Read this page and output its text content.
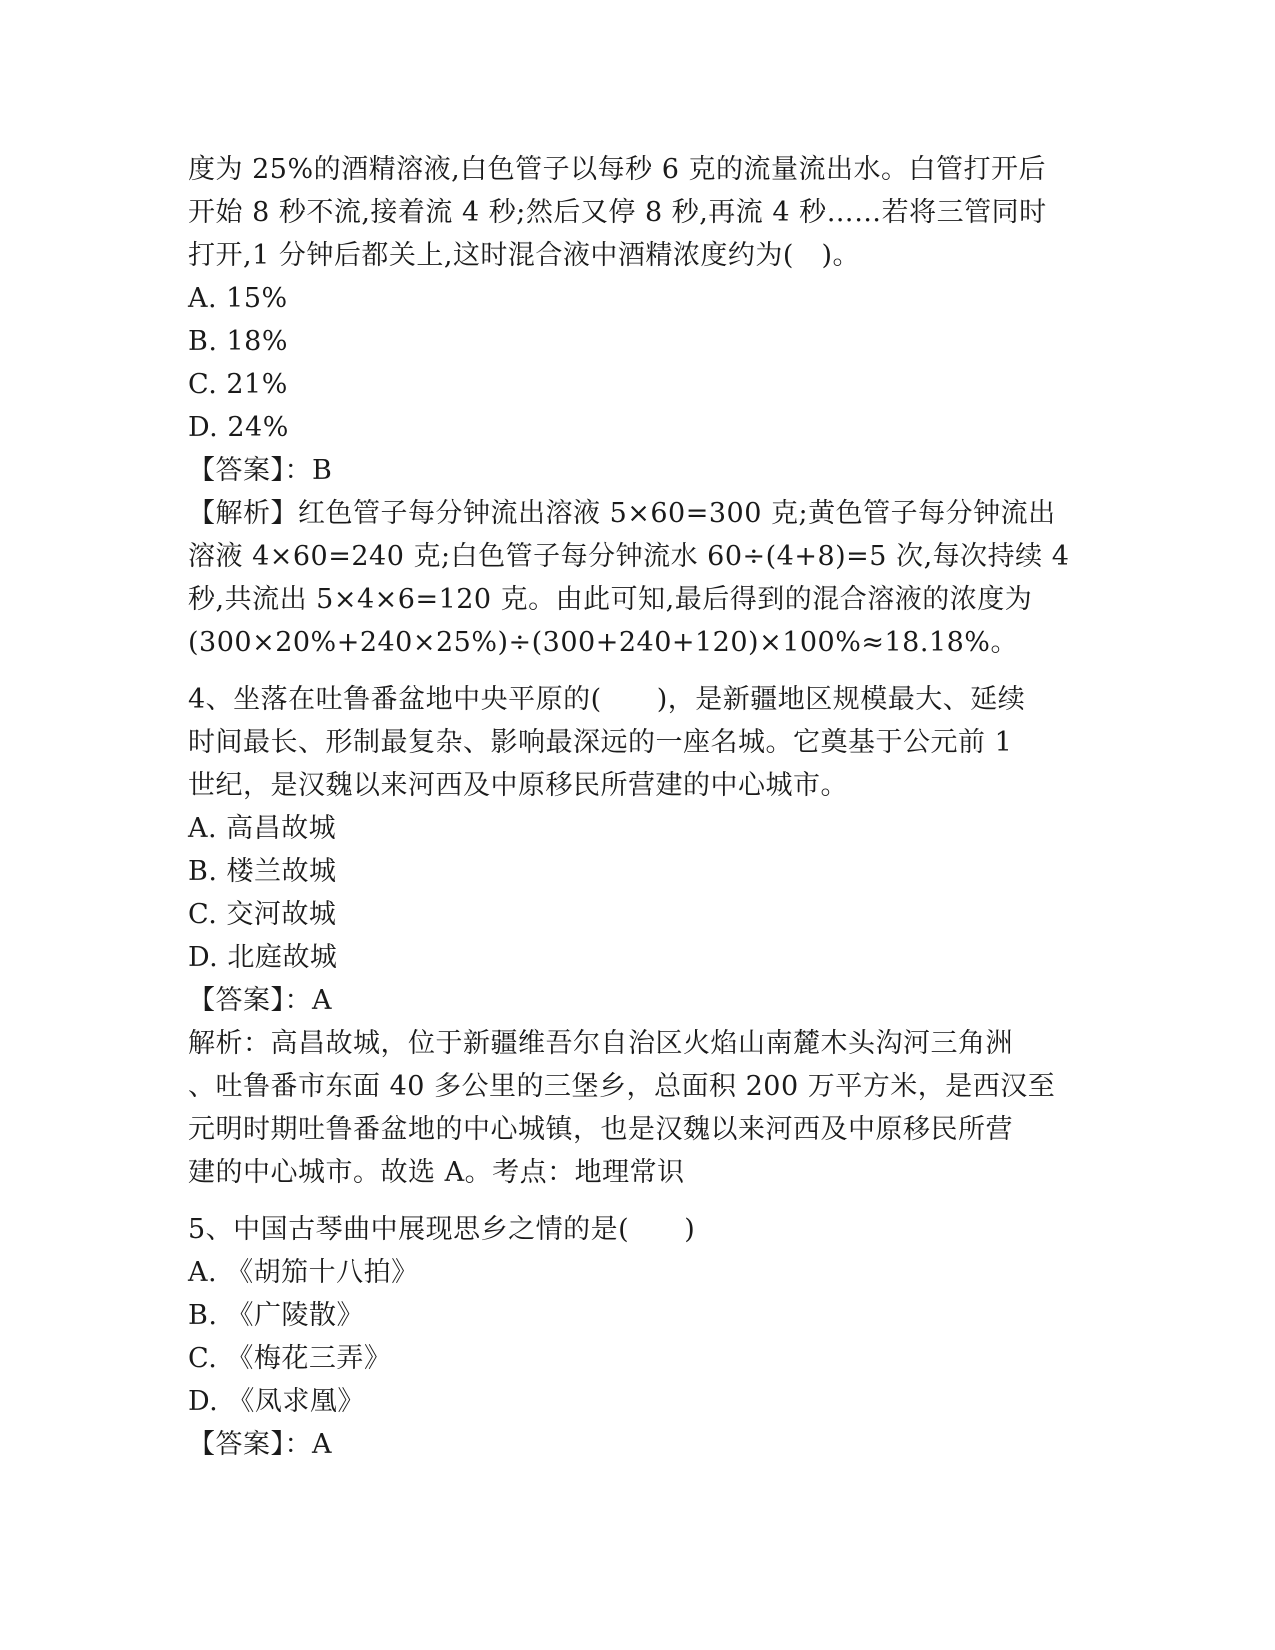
度为 25%的酒精溶液,白色管子以每秒 6 克的流量流出水。白管打开后
开始 8 秒不流,接着流 4 秒;然后又停 8 秒,再流 4 秒……若将三管同时
打开,1 分钟后都关上,这时混合液中酒精浓度约为(　)。
A. 15%
B. 18%
C. 21%
D. 24%
【答案】：B
【解析】红色管子每分钟流出溶液 5×60=300 克;黄色管子每分钟流出
溶液 4×60=240 克;白色管子每分钟流水 60÷(4+8)=5 次,每次持续 4
秒,共流出 5×4×6=120 克。由此可知,最后得到的混合溶液的浓度为
(300×20%+240×25%)÷(300+240+120)×100%≈18.18%。
4、坐落在吐鲁番盆地中央平原的(　　)，是新疆地区规模最大、延续
时间最长、形制最复杂、影响最深远的一座名城。它奠基于公元前 1
世纪，是汉魏以来河西及中原移民所营建的中心城市。
A. 高昌故城
B. 楼兰故城
C. 交河故城
D. 北庭故城
【答案】：A
解析：高昌故城，位于新疆维吾尔自治区火焰山南麓木头沟河三角洲
、吐鲁番市东面 40 多公里的三堡乡，总面积 200 万平方米，是西汉至
元明时期吐鲁番盆地的中心城镇，也是汉魏以来河西及中原移民所营
建的中心城市。故选 A。考点：地理常识
5、中国古琴曲中展现思乡之情的是(　　)
A. 《胡笳十八拍》
B. 《广陵散》
C. 《梅花三弄》
D. 《凤求凰》
【答案】：A
